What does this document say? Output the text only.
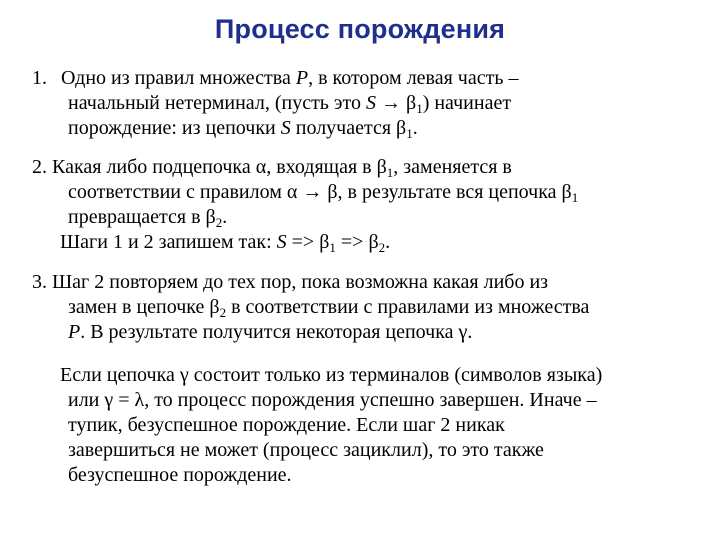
Процесс порождения
1. Одно из правил множества P, в котором левая часть –
начальный нетерминал, (пусть это $S \to \beta_1$) начинает
порождение: из цепочки S получается $\beta_1$.
2. Какая либо подцепочка α, входящая в $\beta_1$, заменяется в
соответствии с правилом α → β, в результате вся цепочка $\beta_1$
превращается в $\beta_2$.
Шаги 1 и 2 запишем так: $S => \beta_1 => \beta_2$.
3. Шаг 2 повторяем до тех пор, пока возможна какая либо из
замен в цепочке $\beta_2$ в соответствии с правилами из множества
P. В результате получится некоторая цепочка γ.
Если цепочка γ состоит только из терминалов (символов языка)
или γ = λ, то процесс порождения успешно завершен. Иначе –
тупик, безуспешное порождение. Если шаг 2 никак
завершиться не может (процесс зациклил), то это также
безуспешное порождение.
